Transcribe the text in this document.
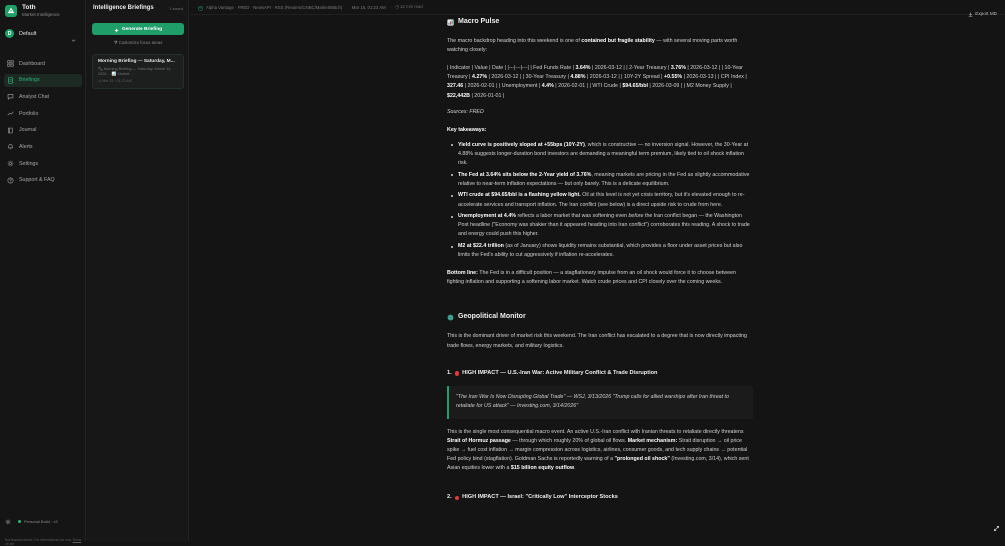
Toth
Market Intelligence
D	Default
Dashboard
Briefings
Analyst Chat
Portfolio
Journal
Alerts
Settings
Support & FAQ
Personal Build · v3
Not financial advice. For informational use only. Terms of Use
Intelligence Briefings	1 saved
Generate Briefing
⧩ Customize focus areas
Morning Briefing — Saturday, M...
🗞 Morning Briefing — Saturday, March 14, 2026 ... 📊 Market...
◷ Mar 15 · 01:23 AM
Alpha Vantage · FRED · NewsAPI · RSS (Reuters/CNBC/MarketWatch) · Mar 15, 01:23 AM · ◷ 12 min read
Export MD
Macro Pulse
The macro backdrop heading into this weekend is one of contained but fragile stability — with several moving parts worth watching closely:
| Indicator | Value | Date | |---|---|---| | Fed Funds Rate | 3.64% | 2026-03-12 | | 2-Year Treasury | 3.76% | 2026-03-12 | | 10-Year Treasury | 4.27% | 2026-03-12 | | 30-Year Treasury | 4.88% | 2026-03-12 | | 10Y-2Y Spread | +0.55% | 2026-03-13 | | CPI Index | 327.46 | 2026-02-01 | | Unemployment | 4.4% | 2026-02-01 | | WTI Crude | $94.65/bbl | 2026-03-09 | | M2 Money Supply | $22,442B | 2026-01-01 |
Sources: FRED
Key takeaways:
Yield curve is positively sloped at +55bps (10Y-2Y), which is constructive — no inversion signal. However, the 30-Year at 4.88% suggests longer-duration bond investors are demanding a meaningful term premium, likely tied to oil shock inflation risk.
The Fed at 3.64% sits below the 2-Year yield of 3.76%, meaning markets are pricing in the Fed as slightly accommodative relative to near-term inflation expectations — but only barely. This is a delicate equilibrium.
WTI crude at $94.65/bbl is a flashing yellow light. Oil at this level is not yet crisis territory, but it's elevated enough to re-accelerate services and transport inflation. The Iran conflict (see below) is a direct upside risk to crude from here.
Unemployment at 4.4% reflects a labor market that was softening even before the Iran conflict began — the Washington Post headline ("Economy was shakier than it appeared heading into Iran conflict") corroborates this reading. A shock to trade and energy could push this higher.
M2 at $22.4 trillion (as of January) shows liquidity remains substantial, which provides a floor under asset prices but also limits the Fed's ability to cut aggressively if inflation re-accelerates.
Bottom line: The Fed is in a difficult position — a stagflationary impulse from an oil shock would force it to choose between fighting inflation and supporting a softening labor market. Watch crude prices and CPI closely over the coming weeks.
Geopolitical Monitor
This is the dominant driver of market risk this weekend. The Iran conflict has escalated to a degree that is now directly impacting trade flows, energy markets, and military logistics.
1. HIGH IMPACT — U.S.-Iran War: Active Military Conflict & Trade Disruption
"The Iran War Is Now Disrupting Global Trade" — WSJ, 3/13/2026 "Trump calls for allied warships after Iran threat to retaliate for US attack" — Investing.com, 3/14/2026"
This is the single most consequential macro event. An active U.S.-Iran conflict with Iranian threats to retaliate directly threatens Strait of Hormuz passage — through which roughly 20% of global oil flows. Market mechanism: Strait disruption → oil price spike → fuel cost inflation → margin compression across logistics, airlines, consumer goods, and tech supply chains → potential Fed policy bind (stagflation). Goldman Sachs is reportedly warning of a "prolonged oil shock" (Investing.com, 3/14), which sent Asian equities lower with a $15 billion equity outflow.
2. HIGH IMPACT — Israel: "Critically Low" Interceptor Stocks
